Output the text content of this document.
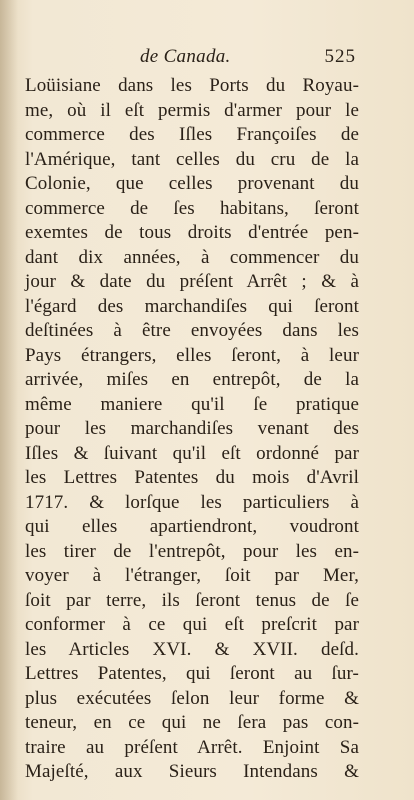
de Canada.	525
Loüisiane dans les Ports du Royau-
me, où il eſt permis d'armer pour le
commerce des Iſles Françoiſes de
l'Amérique, tant celles du cru de la
Colonie, que celles provenant du
commerce de ſes habitans, ſeront
exemtes de tous droits d'entrée pen-
dant dix années, à commencer du
jour & date du préſent Arrêt ; & à
l'égard des marchandiſes qui ſeront
deſtinées à être envoyées dans les
Pays étrangers, elles ſeront, à leur
arrivée, miſes en entrepôt, de la
même maniere qu'il ſe pratique
pour les marchandiſes venant des
Iſles & ſuivant qu'il eſt ordonné par
les Lettres Patentes du mois d'Avril
1717. & lorſque les particuliers à
qui elles apartiendront, voudront
les tirer de l'entrepôt, pour les en-
voyer à l'étranger, ſoit par Mer,
ſoit par terre, ils ſeront tenus de ſe
conformer à ce qui eſt preſcrit par
les Articles XVI. & XVII. deſd.
Lettres Patentes, qui ſeront au ſur-
plus exécutées ſelon leur forme &
teneur, en ce qui ne ſera pas con-
traire au préſent Arrêt. Enjoint Sa
Majeſté, aux Sieurs Intendans &
